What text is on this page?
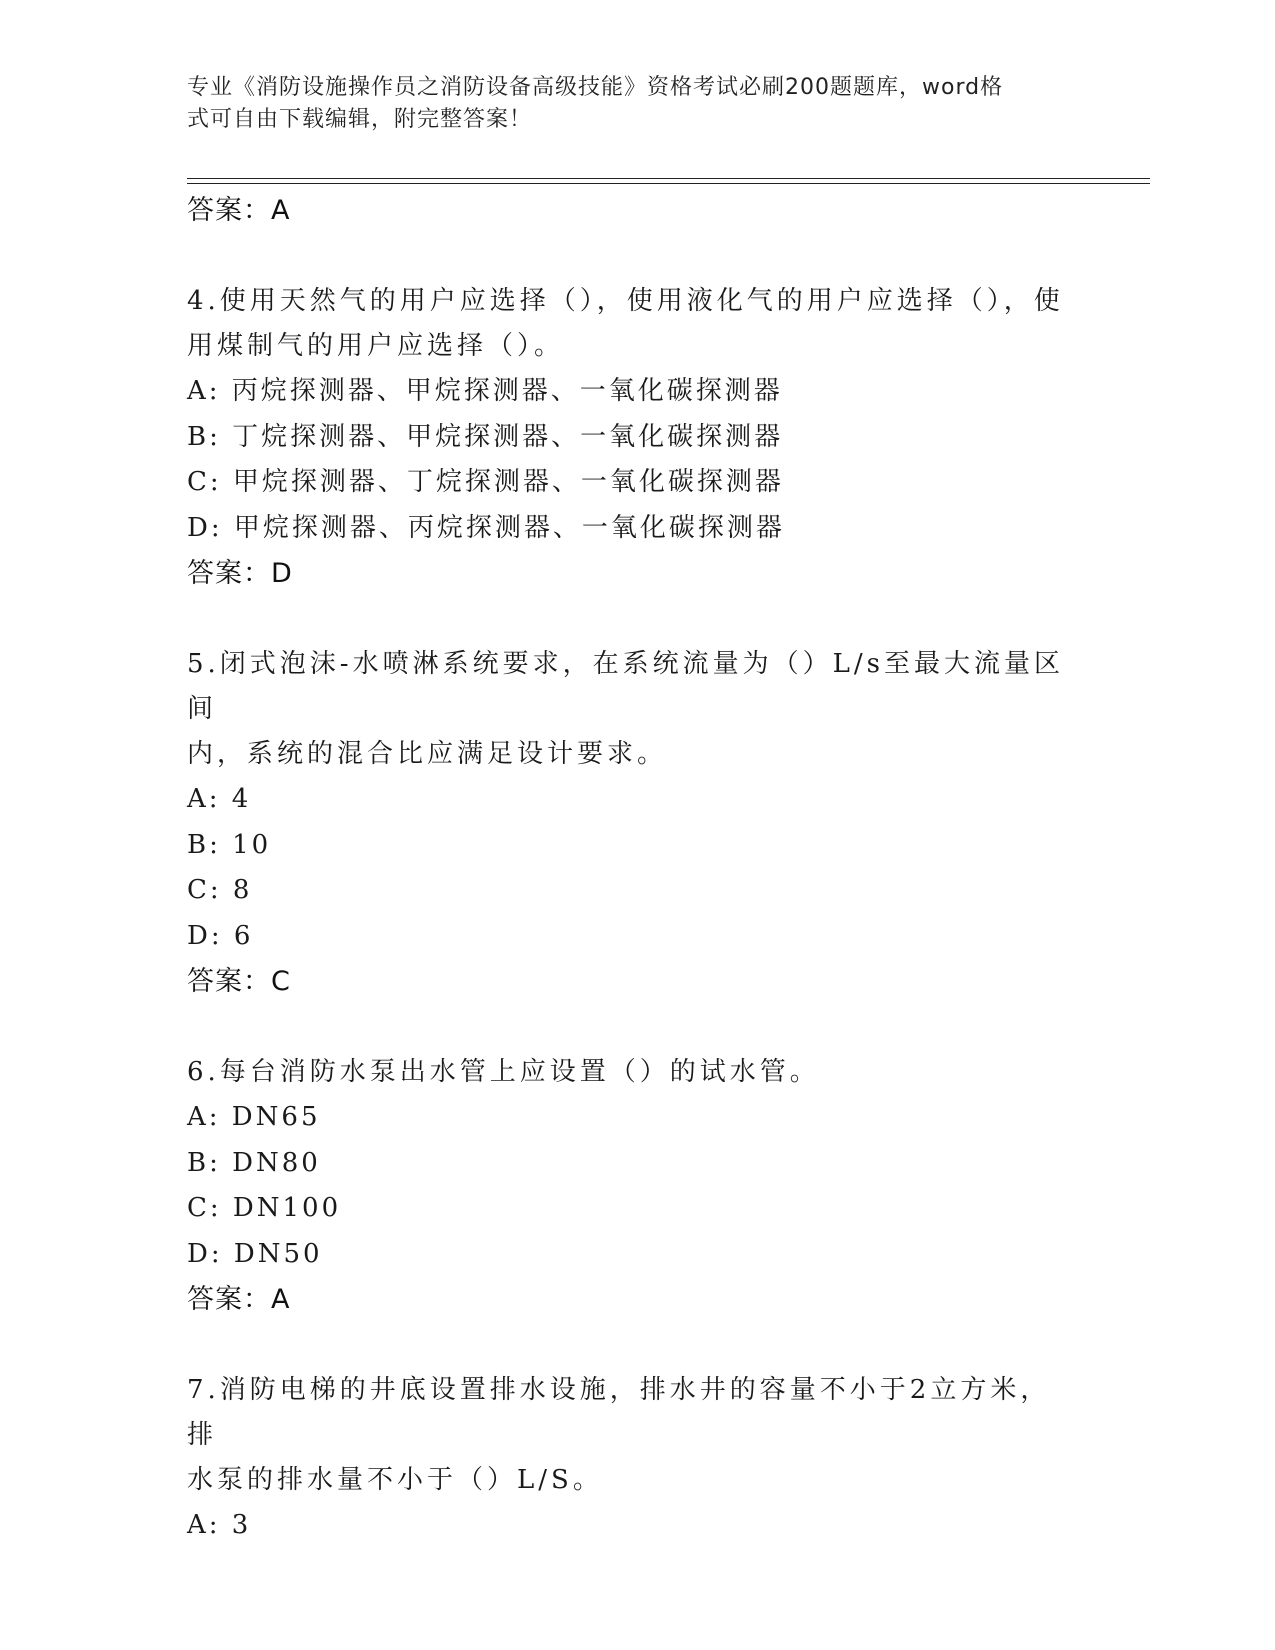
专业《消防设施操作员之消防设备高级技能》资格考试必刷200题题库，word格
式可自由下载编辑，附完整答案！

答案：A

4.使用天然气的用户应选择（），使用液化气的用户应选择（），使

用煤制气的用户应选择（）。

A: 丙烷探测器、甲烷探测器、一氧化碳探测器

B: 丁烷探测器、甲烷探测器、一氧化碳探测器

C: 甲烷探测器、丁烷探测器、一氧化碳探测器

D: 甲烷探测器、丙烷探测器、一氧化碳探测器

答案：D

5.闭式泡沫-水喷淋系统要求，在系统流量为（）L/s至最大流量区间

内，系统的混合比应满足设计要求。

A: 4

B: 10

C: 8

D: 6

答案：C

6.每台消防水泵出水管上应设置（）的试水管。

A: DN65

B: DN80

C: DN100

D: DN50

答案：A

7.消防电梯的井底设置排水设施，排水井的容量不小于2立方米，排

水泵的排水量不小于（）L/S。

A: 3
